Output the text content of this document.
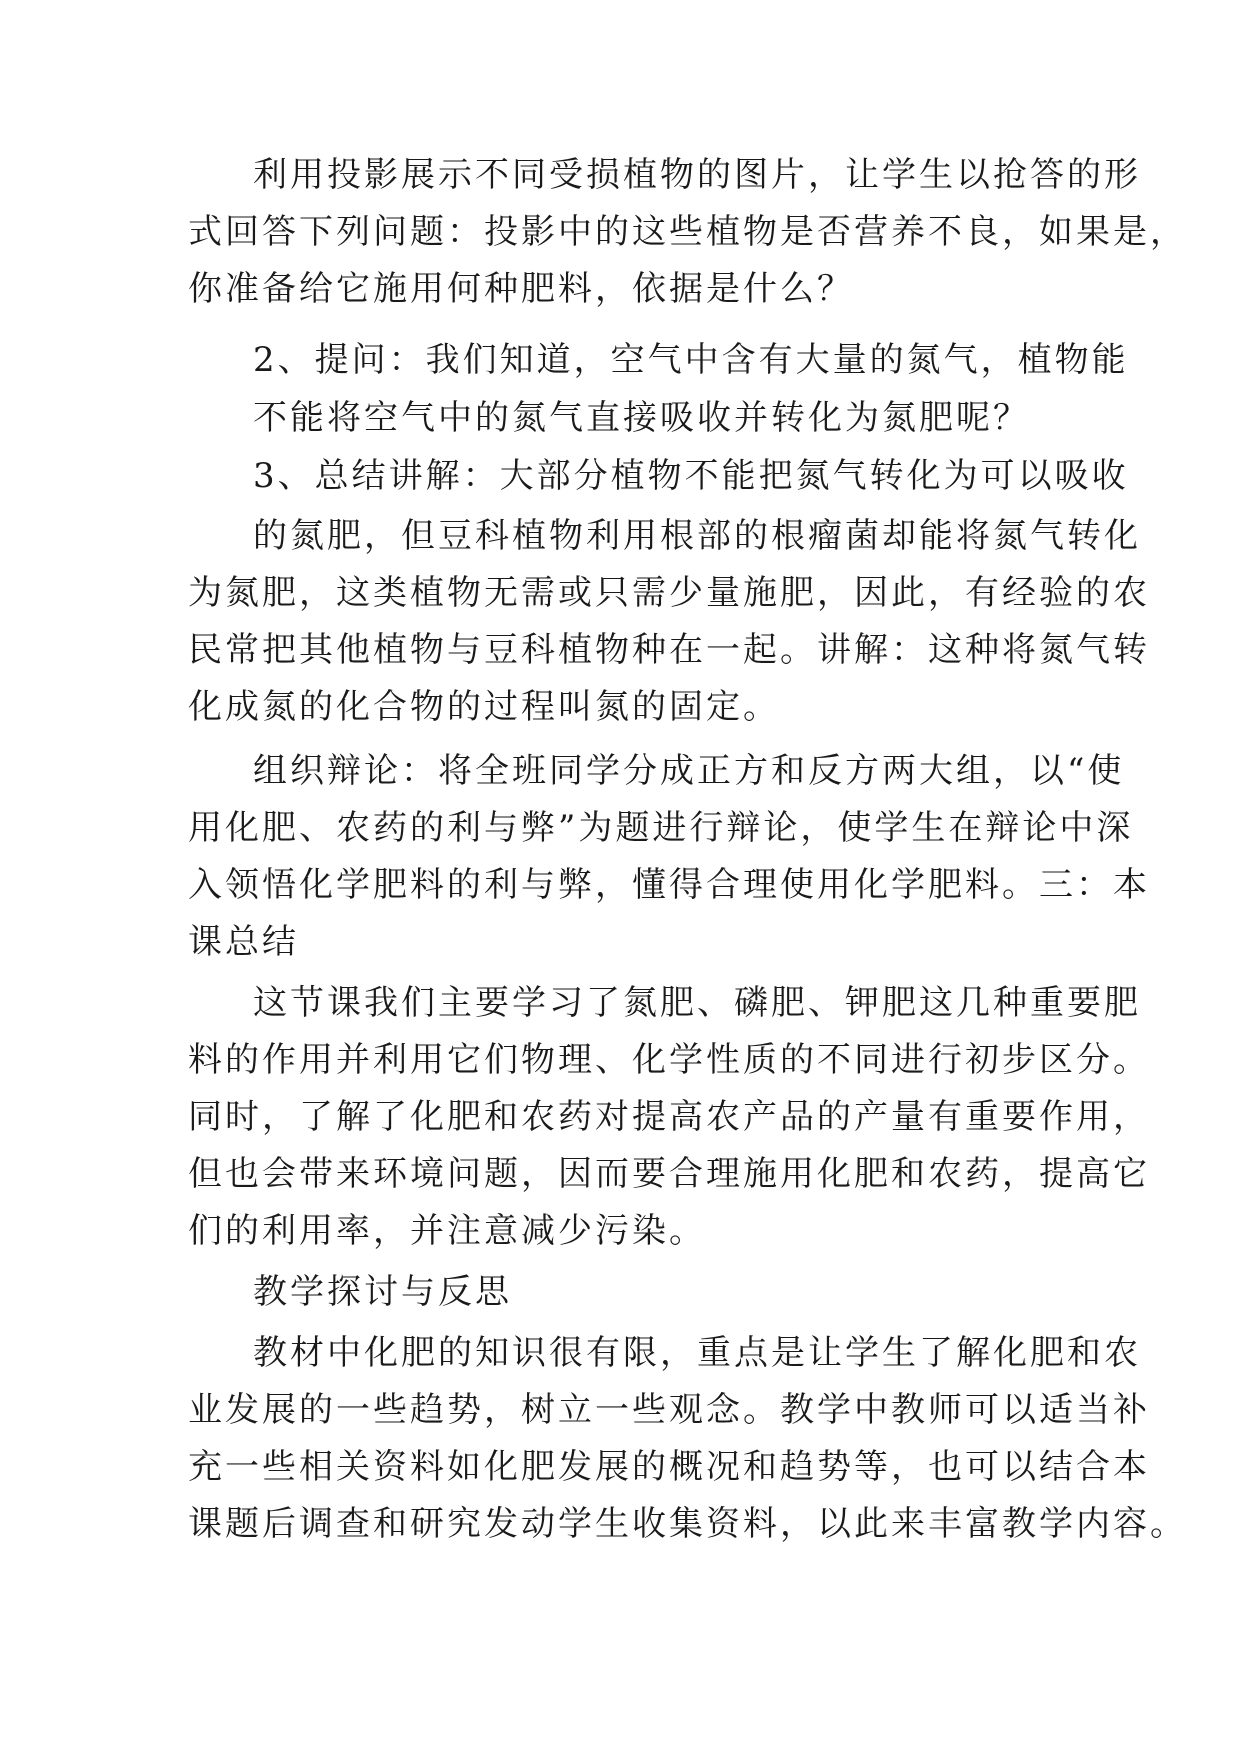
利用投影展示不同受损植物的图片，让学生以抢答的形
式回答下列问题：投影中的这些植物是否营养不良，如果是，
你准备给它施用何种肥料，依据是什么？
2、提问：我们知道，空气中含有大量的氮气，植物能
不能将空气中的氮气直接吸收并转化为氮肥呢？
3、总结讲解：大部分植物不能把氮气转化为可以吸收
的氮肥，但豆科植物利用根部的根瘤菌却能将氮气转化
为氮肥，这类植物无需或只需少量施肥，因此，有经验的农
民常把其他植物与豆科植物种在一起。讲解：这种将氮气转
化成氮的化合物的过程叫氮的固定。
组织辩论：将全班同学分成正方和反方两大组，以“使
用化肥、农药的利与弊”为题进行辩论，使学生在辩论中深
入领悟化学肥料的利与弊，懂得合理使用化学肥料。三：本
课总结
这节课我们主要学习了氮肥、磷肥、钾肥这几种重要肥
料的作用并利用它们物理、化学性质的不同进行初步区分。
同时，了解了化肥和农药对提高农产品的产量有重要作用，
但也会带来环境问题，因而要合理施用化肥和农药，提高它
们的利用率，并注意减少污染。
教学探讨与反思
教材中化肥的知识很有限，重点是让学生了解化肥和农
业发展的一些趋势，树立一些观念。教学中教师可以适当补
充一些相关资料如化肥发展的概况和趋势等，也可以结合本
课题后调查和研究发动学生收集资料，以此来丰富教学内容。
